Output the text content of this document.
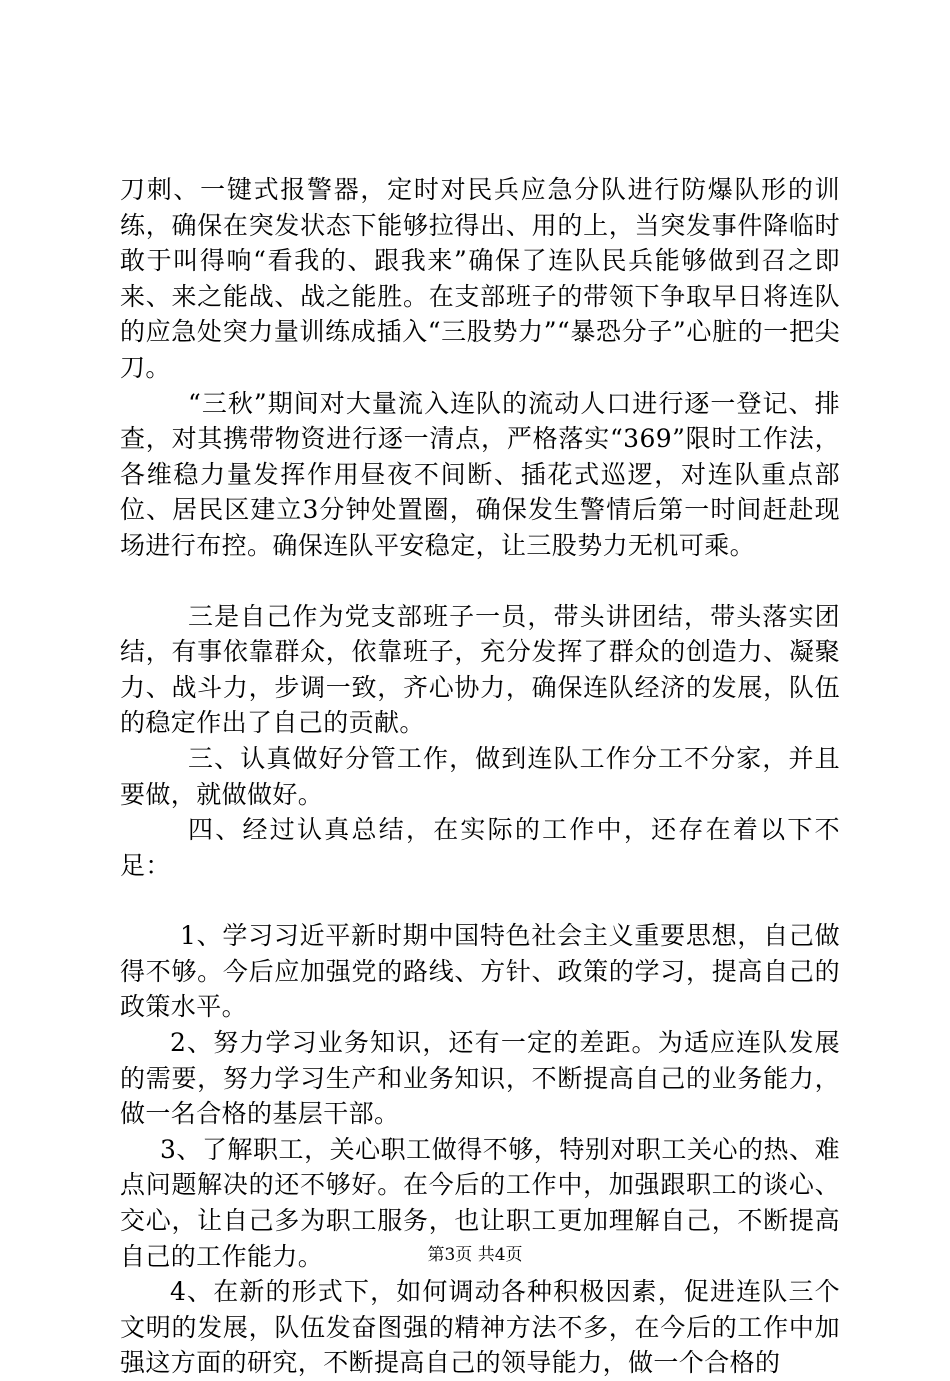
刀刺、一键式报警器，定时对民兵应急分队进行防爆队形的训练，确保在突发状态下能够拉得出、用的上，当突发事件降临时敢于叫得响“看我的、跟我来”确保了连队民兵能够做到召之即来、来之能战、战之能胜。在支部班子的带领下争取早日将连队的应急处突力量训练成插入“三股势力”“暴恐分子”心脏的一把尖刀。

“三秋”期间对大量流入连队的流动人口进行逐一登记、排查，对其携带物资进行逐一清点，严格落实“369”限时工作法，各维稳力量发挥作用昼夜不间断、插花式巡逻，对连队重点部位、居民区建立3分钟处置圈，确保发生警情后第一时间赶赴现场进行布控。确保连队平安稳定，让三股势力无机可乘。

三是自己作为党支部班子一员，带头讲团结，带头落实团结，有事依靠群众，依靠班子，充分发挥了群众的创造力、凝聚力、战斗力，步调一致，齐心协力，确保连队经济的发展，队伍的稳定作出了自己的贡献。

三、认真做好分管工作，做到连队工作分工不分家，并且要做，就做做好。

四、经过认真总结，在实际的工作中，还存在着以下不足：

1、学习习近平新时期中国特色社会主义重要思想，自己做得不够。今后应加强党的路线、方针、政策的学习，提高自己的政策水平。

2、努力学习业务知识，还有一定的差距。为适应连队发展的需要，努力学习生产和业务知识，不断提高自己的业务能力，做一名合格的基层干部。

3、了解职工，关心职工做得不够，特别对职工关心的热、难点问题解决的还不够好。在今后的工作中，加强跟职工的谈心、交心，让自己多为职工服务，也让职工更加理解自己，不断提高自己的工作能力。

4、在新的形式下，如何调动各种积极因素，促进连队三个文明的发展，队伍发奋图强的精神方法不多，在今后的工作中加强这方面的研究，不断提高自己的领导能力，做一个合格的

第3页 共4页
